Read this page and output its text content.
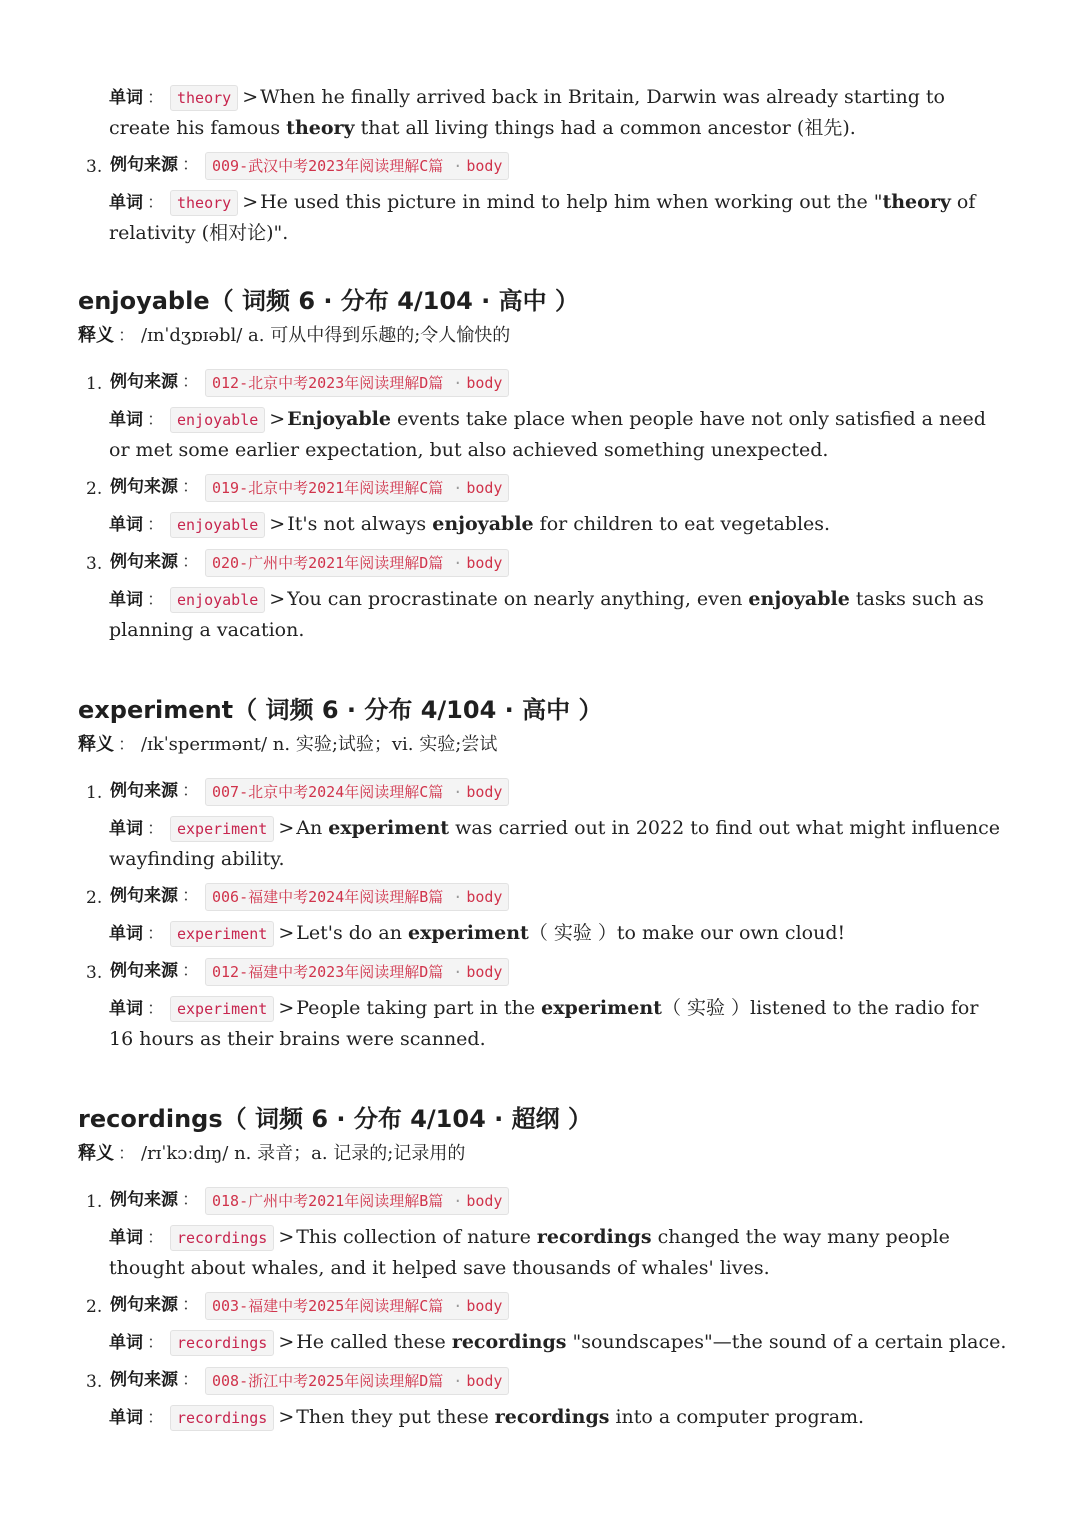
单词 ： theory > When he finally arrived back in Britain, Darwin was already starting to create his famous theory that all living things had a common ancestor (祖先).
3. 例句来源 ： 009-武汉中考2023年阅读理解C篇 · body
单词 ： theory > He used this picture in mind to help him when working out the "theory of relativity (相对论)".
enjoyable（ 词频 6 · 分布 4/104 · 高中 ）
释义 ： /ɪnˈdʒɒɪəbl/ a. 可从中得到乐趣的;令人愉快的
1. 例句来源 ： 012-北京中考2023年阅读理解D篇 · body
单词 ： enjoyable > Enjoyable events take place when people have not only satisfied a need or met some earlier expectation, but also achieved something unexpected.
2. 例句来源 ： 019-北京中考2021年阅读理解C篇 · body
单词 ： enjoyable > It's not always enjoyable for children to eat vegetables.
3. 例句来源 ： 020-广州中考2021年阅读理解D篇 · body
单词 ： enjoyable > You can procrastinate on nearly anything, even enjoyable tasks such as planning a vacation.
experiment（ 词频 6 · 分布 4/104 · 高中 ）
释义 ： /ɪkˈsperɪmənt/ n. 实验;试验；vi. 实验;尝试
1. 例句来源 ： 007-北京中考2024年阅读理解C篇 · body
单词 ： experiment > An experiment was carried out in 2022 to find out what might influence wayfinding ability.
2. 例句来源 ： 006-福建中考2024年阅读理解B篇 · body
单词 ： experiment > Let's do an experiment（ 实验 ）to make our own cloud!
3. 例句来源 ： 012-福建中考2023年阅读理解D篇 · body
单词 ： experiment > People taking part in the experiment（ 实验 ）listened to the radio for 16 hours as their brains were scanned.
recordings（ 词频 6 · 分布 4/104 · 超纲 ）
释义 ： /rɪˈkɔːdɪŋ/ n. 录音；a. 记录的;记录用的
1. 例句来源 ： 018-广州中考2021年阅读理解B篇 · body
单词 ： recordings > This collection of nature recordings changed the way many people thought about whales, and it helped save thousands of whales' lives.
2. 例句来源 ： 003-福建中考2025年阅读理解C篇 · body
单词 ： recordings > He called these recordings "soundscapes"—the sound of a certain place.
3. 例句来源 ： 008-浙江中考2025年阅读理解D篇 · body
单词 ： recordings > Then they put these recordings into a computer program.
